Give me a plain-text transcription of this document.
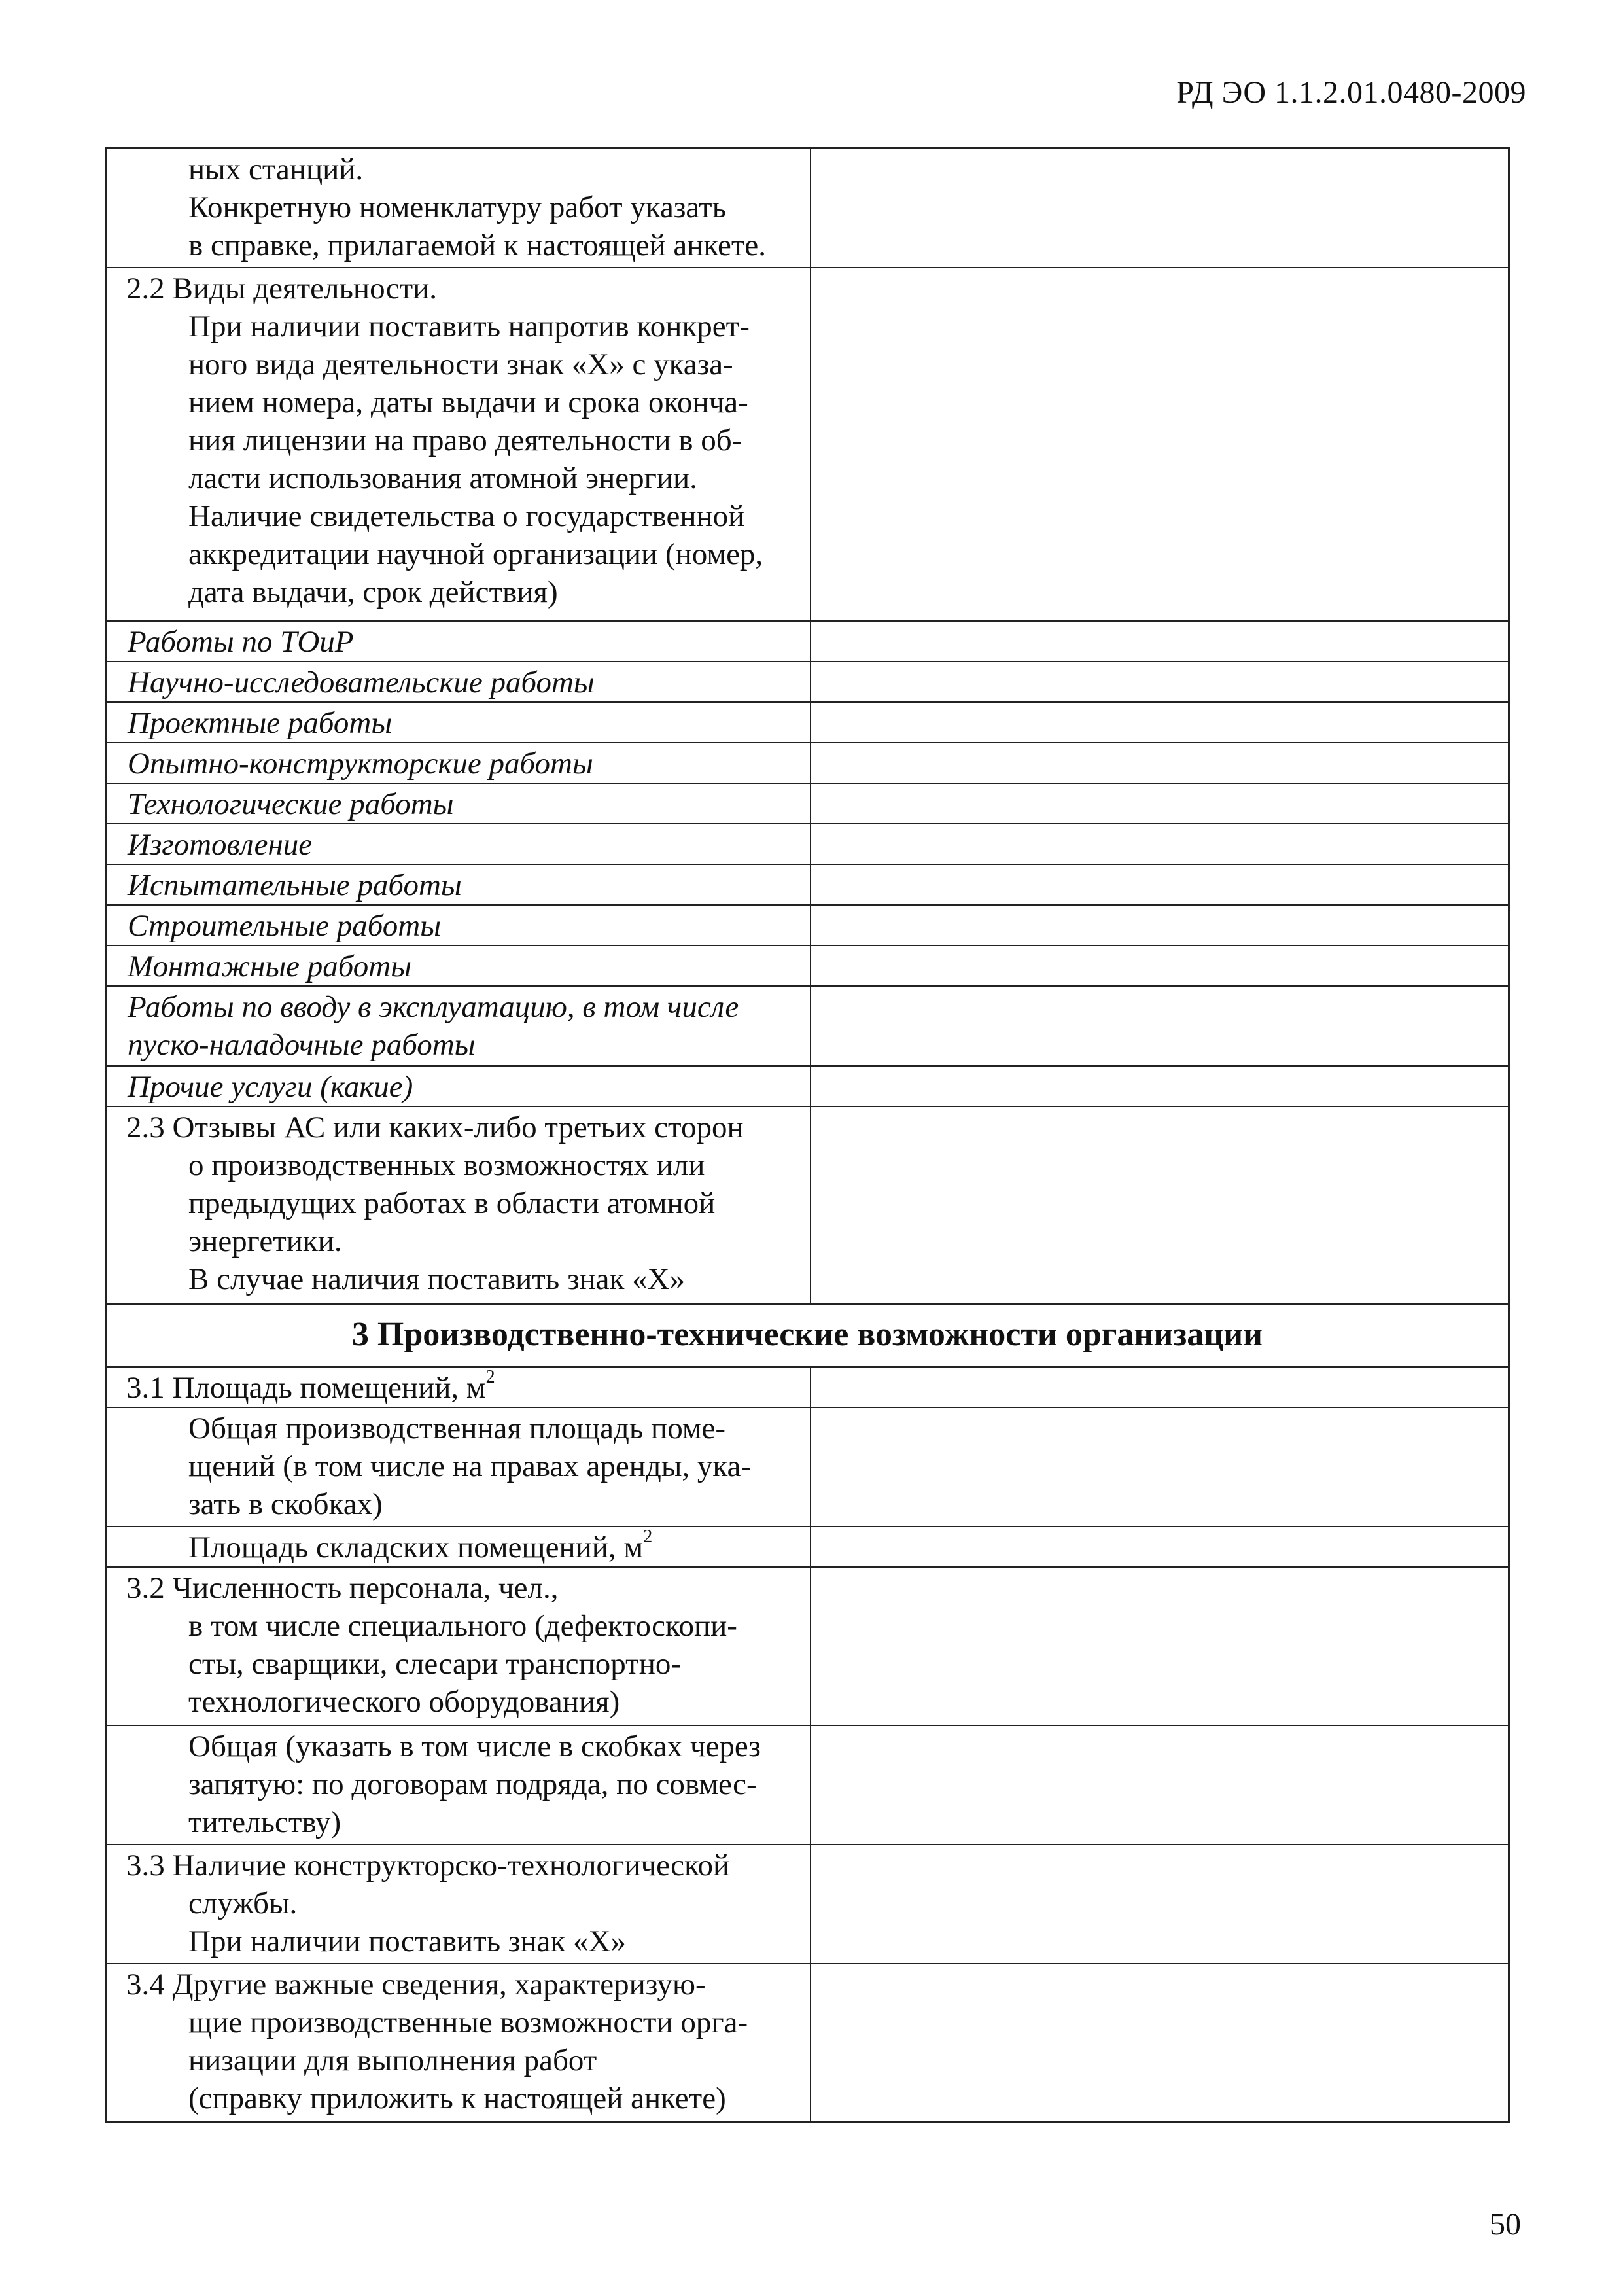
РД ЭО 1.1.2.01.0480-2009
ных станций.
Конкретную номенклатуру работ указать
в справке, прилагаемой к настоящей анкете.
2.2 Виды деятельности.
При наличии поставить напротив конкрет-
ного вида деятельности знак «Х» с указа-
нием номера, даты выдачи и срока оконча-
ния лицензии на право деятельности в об-
ласти использования атомной энергии.
Наличие свидетельства о государственной
аккредитации научной организации (номер,
дата выдачи, срок действия)
Работы по ТОиР
Научно-исследовательские работы
Проектные работы
Опытно-конструкторские работы
Технологические работы
Изготовление
Испытательные работы
Строительные работы
Монтажные работы
Работы по вводу в эксплуатацию, в том числе
пуско-наладочные работы
Прочие услуги (какие)
2.3 Отзывы АС или каких-либо третьих сторон
о производственных возможностях или
предыдущих работах в области атомной
энергетики.
В случае наличия поставить знак «Х»
3 Производственно-технические возможности организации
3.1 Площадь помещений, $м^2$
Общая производственная площадь поме-
щений (в том числе на правах аренды, ука-
зать в скобках)
Площадь складских помещений, $м^2$
3.2 Численность персонала, чел.,
в том числе специального (дефектоскопи-
сты, сварщики, слесари транспортно-
технологического оборудования)
Общая (указать в том числе в скобках через
запятую: по договорам подряда, по совмес-
тительству)
3.3 Наличие конструкторско-технологической
службы.
При наличии поставить знак «Х»
3.4 Другие важные сведения, характеризую-
щие производственные возможности орга-
низации для выполнения работ
(справку приложить к настоящей анкете)
50
